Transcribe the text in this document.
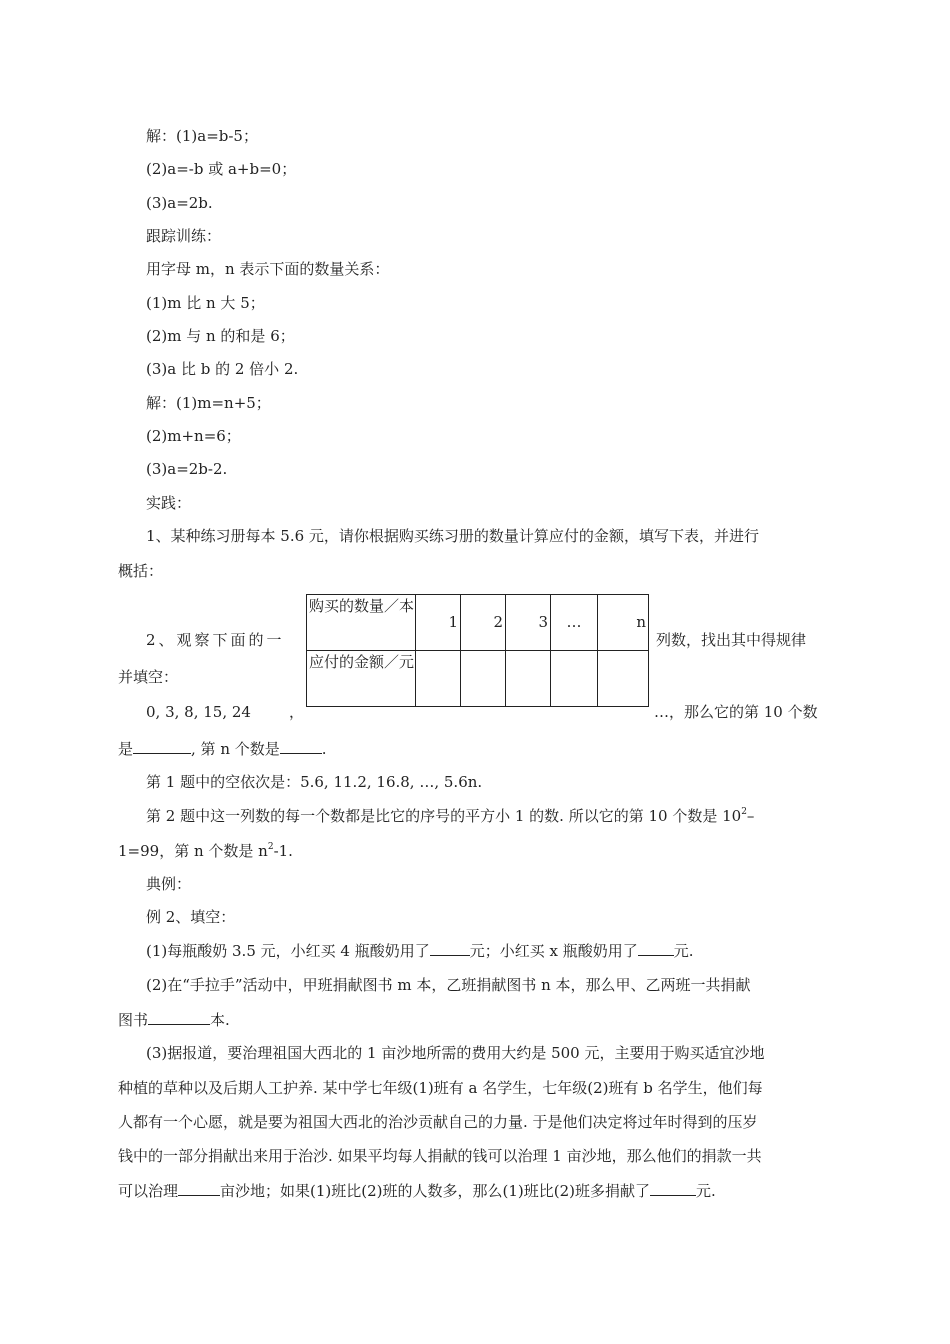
解：(1)a=b-5；
(2)a=-b 或 a+b=0；
(3)a=2b.
跟踪训练：
用字母 m，n 表示下面的数量关系：
(1)m 比 n 大 5；
(2)m 与 n 的和是 6；
(3)a 比 b 的 2 倍小 2.
解：(1)m=n+5；
(2)m+n=6；
(3)a=2b-2.
实践：
1、某种练习册每本 5.6 元，请你根据购买练习册的数量计算应付的金额，填写下表，并进行
概括：
2、观察下面的一	列数，找出其中得规律
并填空：
购买的数量／本	1	2	3	…	n
应付的金额／元					
0, 3, 8, 15, 24	，	…，那么它的第 10 个数
是	, 第 n 个数是	.
第 1 题中的空依次是：5.6, 11.2, 16.8, …, 5.6n.
第 2 题中这一列数的每一个数都是比它的序号的平方小 1 的数. 所以它的第 10 个数是 $10^2-$
1=99，第 n 个数是 $n^2-1$.
典例：
例 2、填空：
(1)每瓶酸奶 3.5 元，小红买 4 瓶酸奶用了	元；小红买 x 瓶酸奶用了 元.
(2)在“手拉手”活动中，甲班捐献图书 m 本，乙班捐献图书 n 本，那么甲、乙两班一共捐献
图书	本.
(3)据报道，要治理祖国大西北的 1 亩沙地所需的费用大约是 500 元，主要用于购买适宜沙地
种植的草种以及后期人工护养. 某中学七年级(1)班有 a 名学生，七年级(2)班有 b 名学生，他们每
人都有一个心愿，就是要为祖国大西北的治沙贡献自己的力量. 于是他们决定将过年时得到的压岁
钱中的一部分捐献出来用于治沙. 如果平均每人捐献的钱可以治理 1 亩沙地，那么他们的捐款一共
可以治理	亩沙地；如果(1)班比(2)班的人数多，那么(1)班比(2)班多捐献了	元.
